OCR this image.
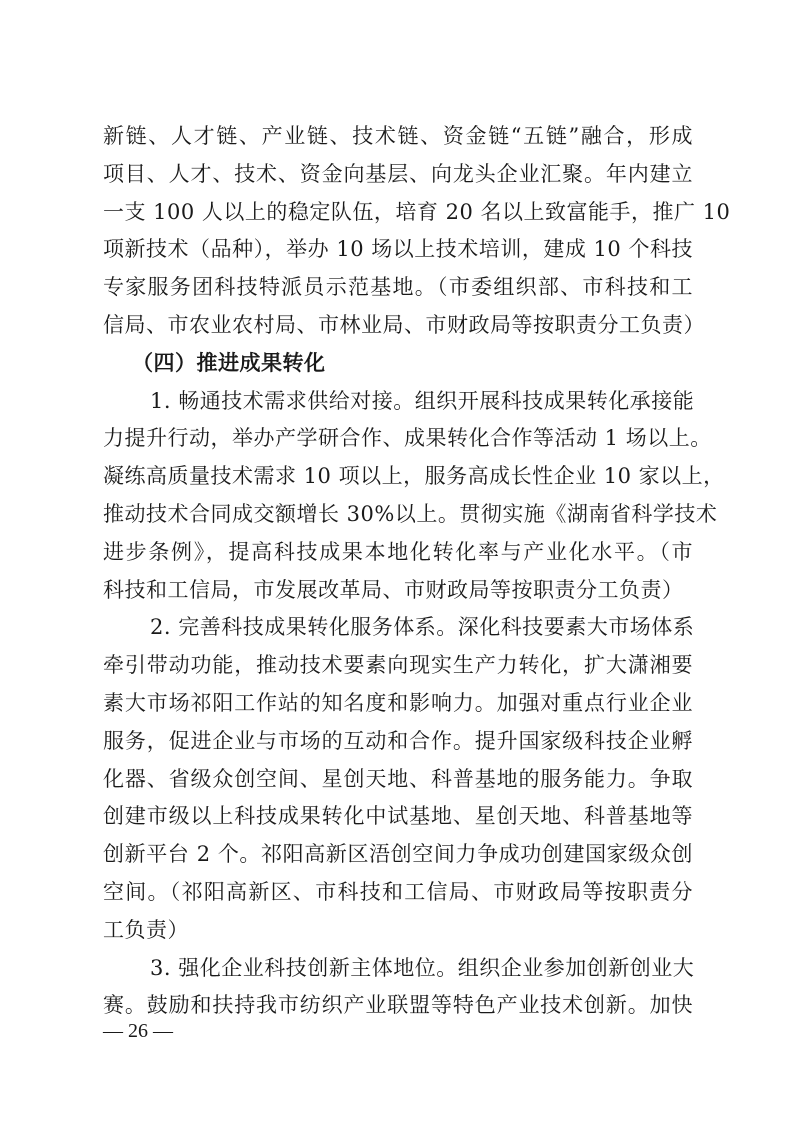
新链、人才链、产业链、技术链、资金链“五链”融合，形成
项目、人才、技术、资金向基层、向龙头企业汇聚。年内建立
一支 100 人以上的稳定队伍，培育 20 名以上致富能手，推广 10
项新技术（品种），举办 10 场以上技术培训，建成 10 个科技
专家服务团科技特派员示范基地。（市委组织部、市科技和工
信局、市农业农村局、市林业局、市财政局等按职责分工负责）
（四）推进成果转化
1. 畅通技术需求供给对接。组织开展科技成果转化承接能
力提升行动，举办产学研合作、成果转化合作等活动 1 场以上。
凝练高质量技术需求 10 项以上，服务高成长性企业 10 家以上，
推动技术合同成交额增长 30%以上。贯彻实施《湖南省科学技术
进步条例》，提高科技成果本地化转化率与产业化水平。（市
科技和工信局，市发展改革局、市财政局等按职责分工负责）
2. 完善科技成果转化服务体系。深化科技要素大市场体系
牵引带动功能，推动技术要素向现实生产力转化，扩大潇湘要
素大市场祁阳工作站的知名度和影响力。加强对重点行业企业
服务，促进企业与市场的互动和合作。提升国家级科技企业孵
化器、省级众创空间、星创天地、科普基地的服务能力。争取
创建市级以上科技成果转化中试基地、星创天地、科普基地等
创新平台 2 个。祁阳高新区浯创空间力争成功创建国家级众创
空间。（祁阳高新区、市科技和工信局、市财政局等按职责分
工负责）
— 26 —
3. 强化企业科技创新主体地位。组织企业参加创新创业大
赛。鼓励和扶持我市纺织产业联盟等特色产业技术创新。加快
